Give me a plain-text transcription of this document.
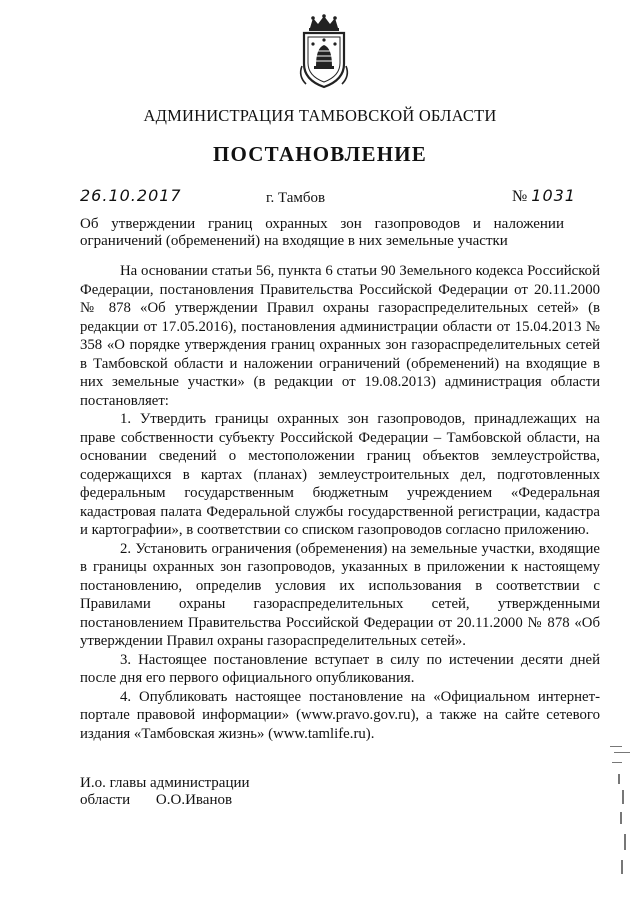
АДМИНИСТРАЦИЯ ТАМБОВСКОЙ ОБЛАСТИ
ПОСТАНОВЛЕНИЕ
26.10.2017	г. Тамбов	№ 1031
Об утверждении границ охранных зон газопроводов и наложении ограничений (обременений) на входящие в них земельные участки

На основании статьи 56, пункта 6 статьи 90 Земельного кодекса Российской Федерации, постановления Правительства Российской Федерации от 20.11.2000 № 878 «Об утверждении Правил охраны газораспределительных сетей» (в редакции от 17.05.2016), постановления администрации области от 15.04.2013 № 358 «О порядке утверждения границ охранных зон газораспределительных сетей в Тамбовской области и наложении ограничений (обременений) на входящие в них земельные участки» (в редакции от 19.08.2013) администрация области постановляет:

1. Утвердить границы охранных зон газопроводов, принадлежащих на праве собственности субъекту Российской Федерации – Тамбовской области, на основании сведений о местоположении границ объектов землеустройства, содержащихся в картах (планах) землеустроительных дел, подготовленных федеральным государственным бюджетным учреждением «Федеральная кадастровая палата Федеральной службы государственной регистрации, кадастра и картографии», в соответствии со списком газопроводов согласно приложению.

2. Установить ограничения (обременения) на земельные участки, входящие в границы охранных зон газопроводов, указанных в приложении к настоящему постановлению, определив условия их использования в соответствии с Правилами охраны газораспределительных сетей, утвержденными постановлением Правительства Российской Федерации от 20.11.2000 № 878 «Об утверждении Правил охраны газораспределительных сетей».

3. Настоящее постановление вступает в силу по истечении десяти дней после дня его первого официального опубликования.

4. Опубликовать настоящее постановление на «Официальном интернет-портале правовой информации» (www.pravo.gov.ru), а также на сайте сетевого издания «Тамбовская жизнь» (www.tamlife.ru).

И.о. главы администрации
области О.О.Иванов
